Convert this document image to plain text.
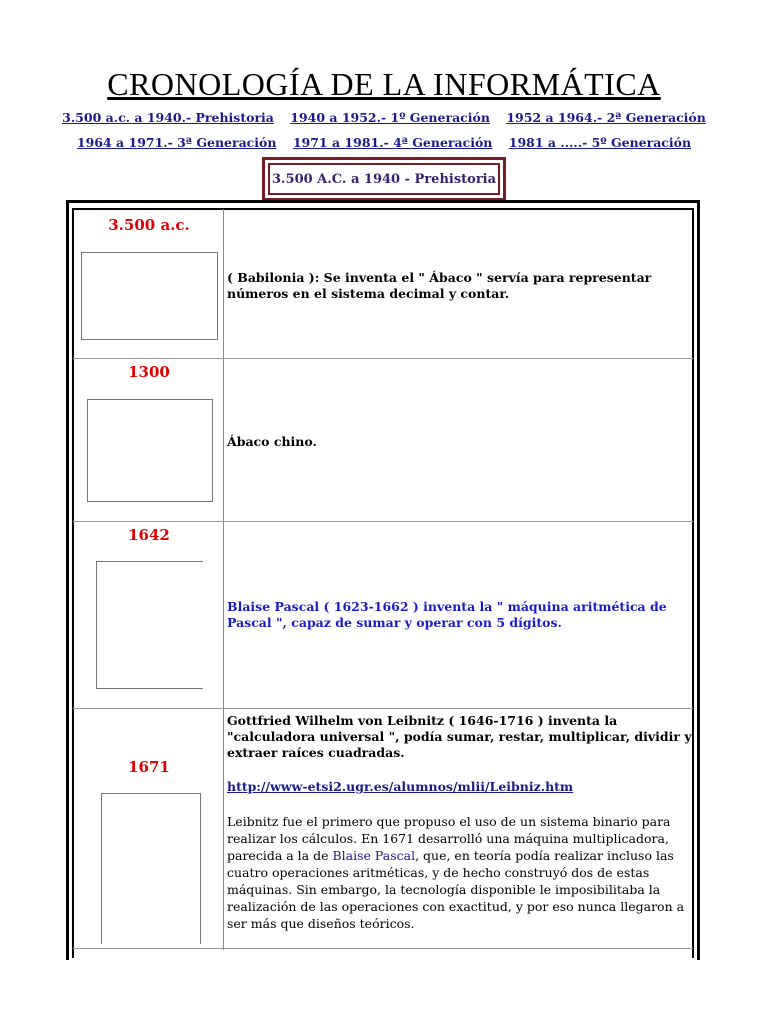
CRONOLOGÍA DE LA INFORMÁTICA
3.500 a.c. a 1940.- Prehistoria 1940 a 1952.- 1º Generación 1952 a 1964.- 2ª Generación
1964 a 1971.- 3ª Generación 1971 a 1981.- 4ª Generación 1981 a .....- 5º Generación
3.500 A.C. a 1940 - Prehistoria
3.500 a.c.
( Babilonia ): Se inventa el " Ábaco " servía para representar números en el sistema decimal y contar.
1300
Ábaco chino.
1642
Blaise Pascal ( 1623-1662 ) inventa la " máquina aritmética de Pascal ", capaz de sumar y operar con 5 dígitos.
1671
Gottfried Wilhelm von Leibnitz ( 1646-1716 ) inventa la "calculadora universal ", podía sumar, restar, multiplicar, dividir y extraer raíces cuadradas.
http://www-etsi2.ugr.es/alumnos/mlii/Leibniz.htm
Leibnitz fue el primero que propuso el uso de un sistema binario para realizar los cálculos. En 1671 desarrolló una máquina multiplicadora, parecida a la de Blaise Pascal, que, en teoría podía realizar incluso las cuatro operaciones aritméticas, y de hecho construyó dos de estas máquinas. Sin embargo, la tecnología disponible le imposibilitaba la realización de las operaciones con exactitud, y por eso nunca llegaron a ser más que diseños teóricos.
